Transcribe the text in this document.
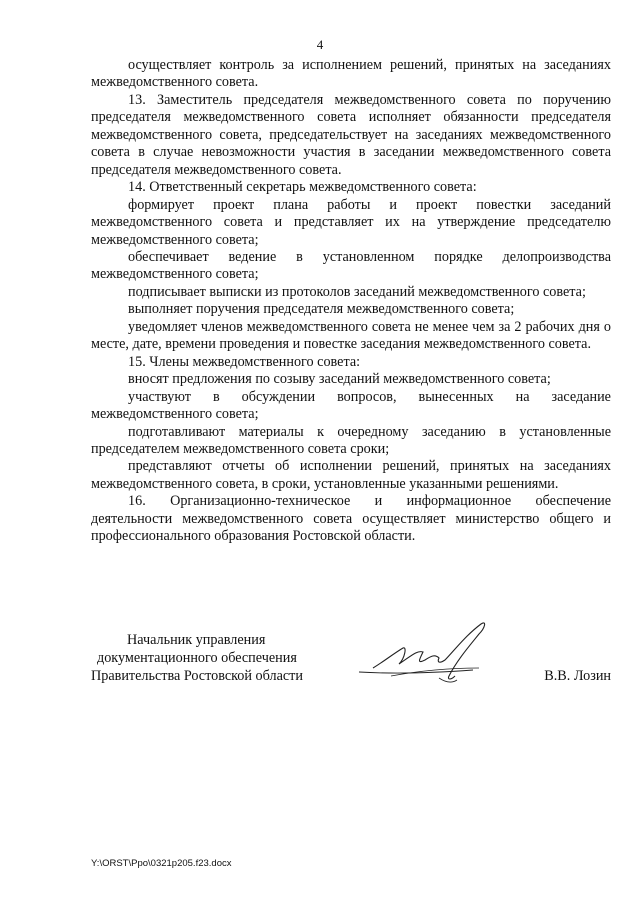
4

осуществляет контроль за исполнением решений, принятых на заседаниях межведомственного совета.

13. Заместитель председателя межведомственного совета по поручению председателя межведомственного совета исполняет обязанности председателя межведомственного совета, председательствует на заседаниях межведомственного совета в случае невозможности участия в заседании межведомственного совета председателя межведомственного совета.

14. Ответственный секретарь межведомственного совета:

формирует проект плана работы и проект повестки заседаний межведомственного совета и представляет их на утверждение председателю межведомственного совета;

обеспечивает ведение в установленном порядке делопроизводства межведомственного совета;

подписывает выписки из протоколов заседаний межведомственного совета;

выполняет поручения председателя межведомственного совета;

уведомляет членов межведомственного совета не менее чем за 2 рабочих дня о месте, дате, времени проведения и повестке заседания межведомственного совета.

15. Члены межведомственного совета:

вносят предложения по созыву заседаний межведомственного совета;

участвуют в обсуждении вопросов, вынесенных на заседание межведомственного совета;

подготавливают материалы к очередному заседанию в установленные председателем межведомственного совета сроки;

представляют отчеты об исполнении решений, принятых на заседаниях межведомственного совета, в сроки, установленные указанными решениями.

16. Организационно-техническое и информационное обеспечение деятельности межведомственного совета осуществляет министерство общего и профессионального образования Ростовской области.

Начальник управления
документационного обеспечения
Правительства Ростовской области	В.В. Лозин
Y:\ORST\Ppo\0321p205.f23.docx
